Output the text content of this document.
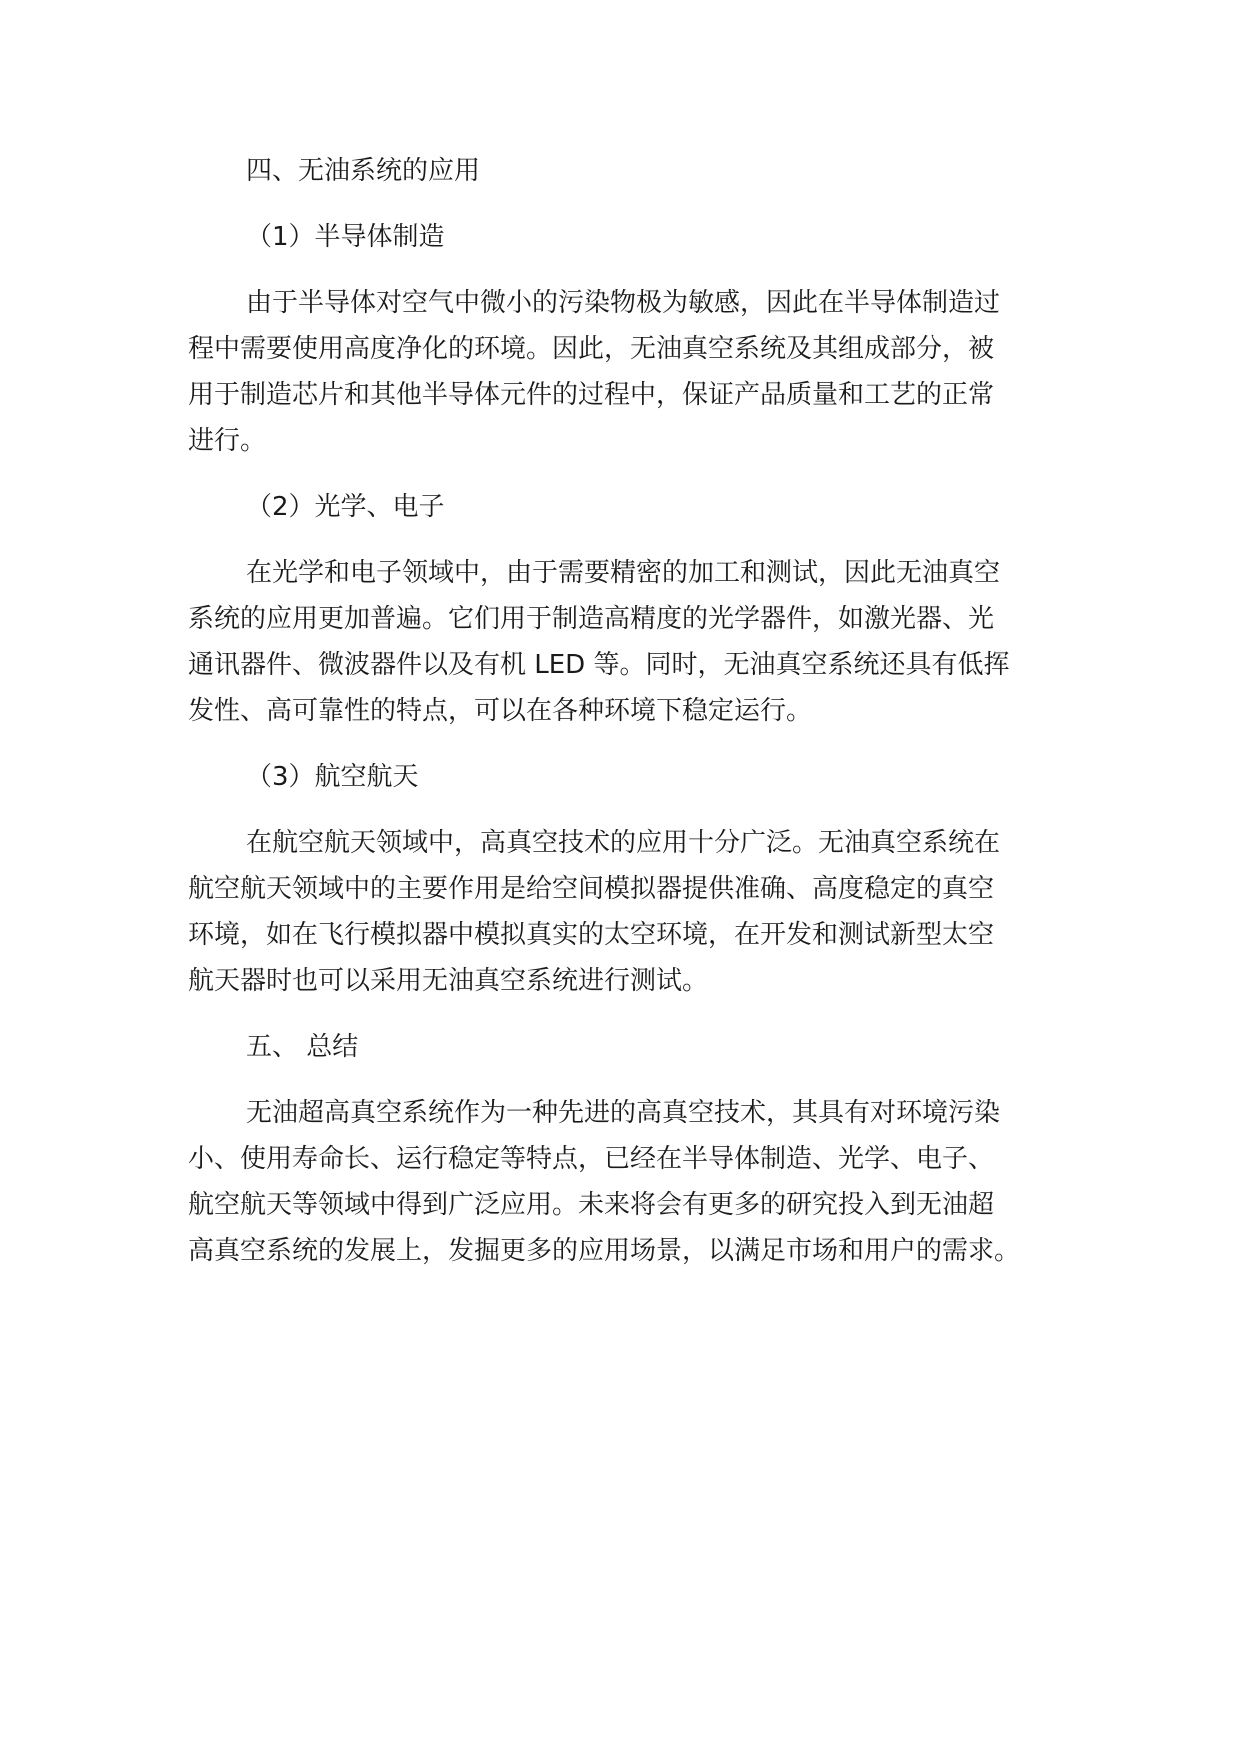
四、无油系统的应用
（1）半导体制造
由于半导体对空气中微小的污染物极为敏感，因此在半导体制造过
程中需要使用高度净化的环境。因此，无油真空系统及其组成部分，被
用于制造芯片和其他半导体元件的过程中，保证产品质量和工艺的正常
进行。
（2）光学、电子
在光学和电子领域中，由于需要精密的加工和测试，因此无油真空
系统的应用更加普遍。它们用于制造高精度的光学器件，如激光器、光
通讯器件、微波器件以及有机 LED 等。同时，无油真空系统还具有低挥
发性、高可靠性的特点，可以在各种环境下稳定运行。
（3）航空航天
在航空航天领域中，高真空技术的应用十分广泛。无油真空系统在
航空航天领域中的主要作用是给空间模拟器提供准确、高度稳定的真空
环境，如在飞行模拟器中模拟真实的太空环境，在开发和测试新型太空
航天器时也可以采用无油真空系统进行测试。
五、 总结
无油超高真空系统作为一种先进的高真空技术，其具有对环境污染
小、使用寿命长、运行稳定等特点，已经在半导体制造、光学、电子、
航空航天等领域中得到广泛应用。未来将会有更多的研究投入到无油超
高真空系统的发展上，发掘更多的应用场景，以满足市场和用户的需求。
